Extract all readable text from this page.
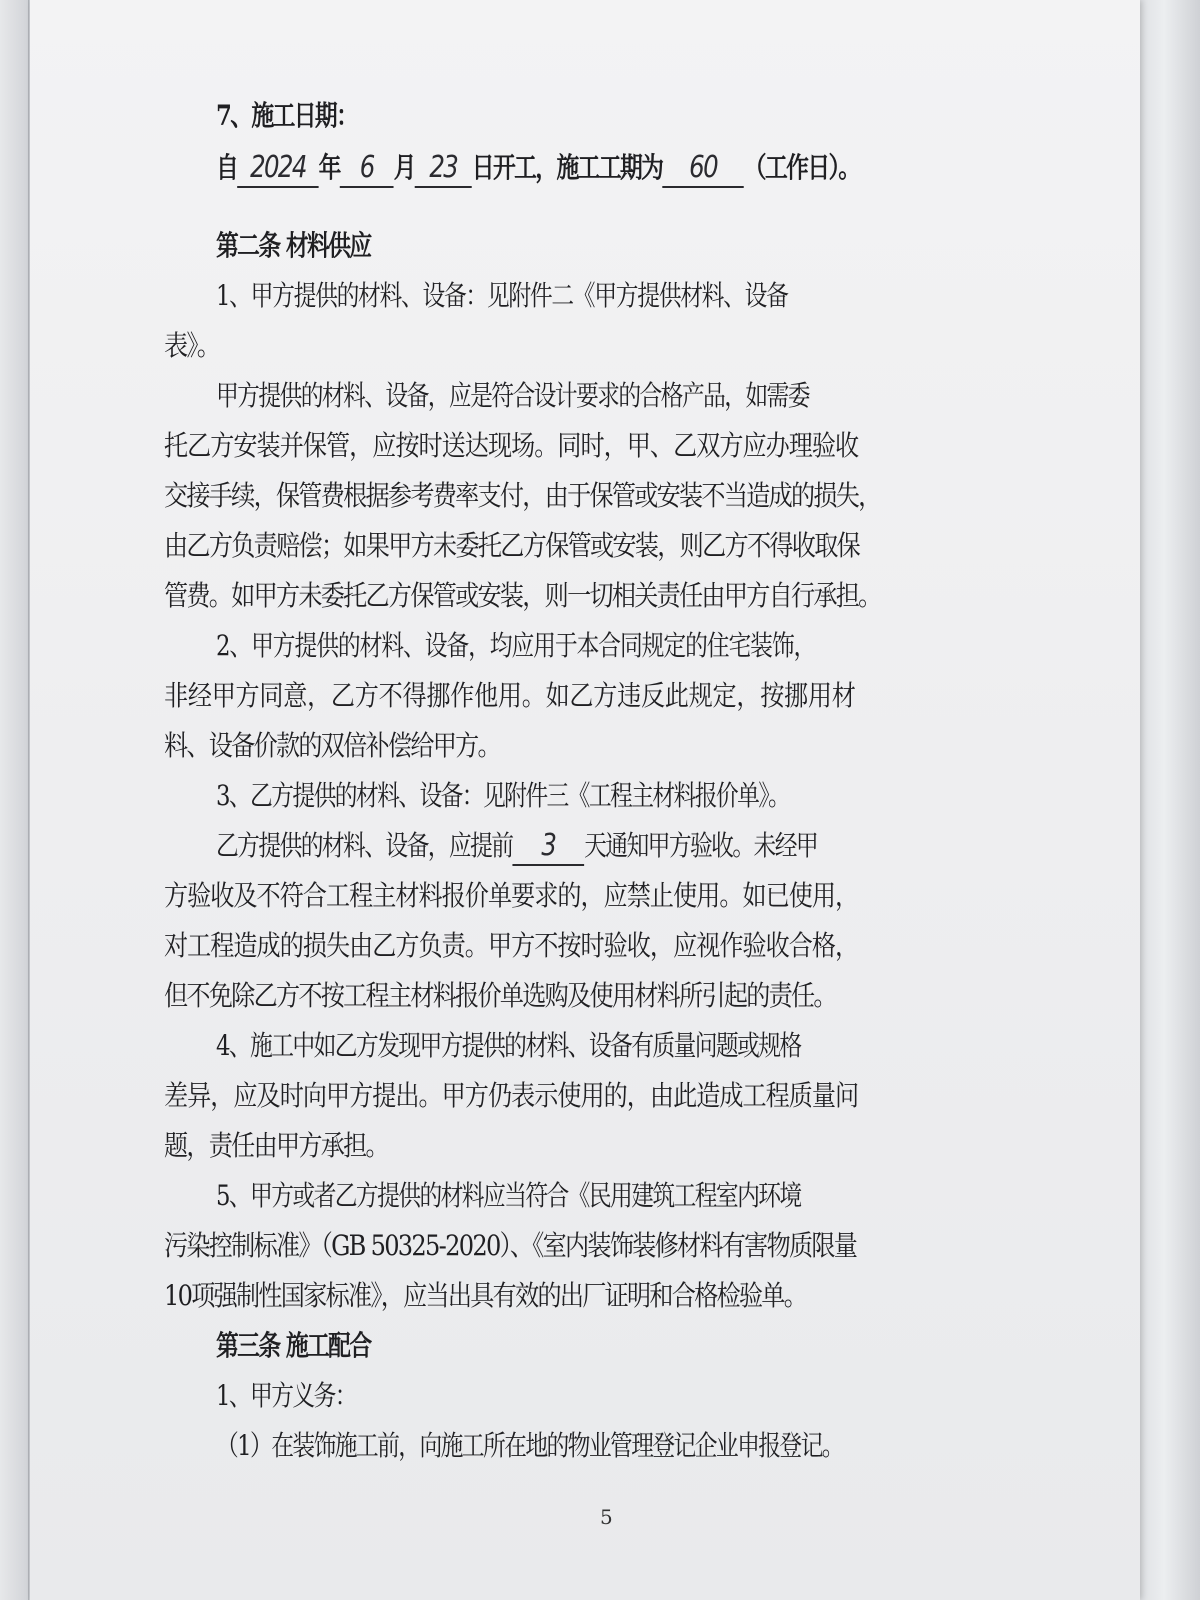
7、施工日期：
自 2024 年 6 月 23 日开工，施工工期为 60 （工作日）。
第二条 材料供应
1、甲方提供的材料、设备：见附件二《甲方提供材料、设备
表》。
甲方提供的材料、设备，应是符合设计要求的合格产品，如需委
托乙方安装并保管，应按时送达现场。同时，甲、乙双方应办理验收
交接手续，保管费根据参考费率支付，由于保管或安装不当造成的损失，
由乙方负责赔偿；如果甲方未委托乙方保管或安装，则乙方不得收取保
管费。如甲方未委托乙方保管或安装，则一切相关责任由甲方自行承担。
2、甲方提供的材料、设备，均应用于本合同规定的住宅装饰，
非经甲方同意，乙方不得挪作他用。如乙方违反此规定，按挪用材
料、设备价款的双倍补偿给甲方。
3、乙方提供的材料、设备：见附件三《工程主材料报价单》。
乙方提供的材料、设备，应提前 3 天通知甲方验收。未经甲
方验收及不符合工程主材料报价单要求的，应禁止使用。如已使用，
对工程造成的损失由乙方负责。甲方不按时验收，应视作验收合格，
但不免除乙方不按工程主材料报价单选购及使用材料所引起的责任。
4、施工中如乙方发现甲方提供的材料、设备有质量问题或规格
差异，应及时向甲方提出。甲方仍表示使用的，由此造成工程质量问
题，责任由甲方承担。
5、甲方或者乙方提供的材料应当符合《民用建筑工程室内环境
污染控制标准》（GB 50325-2020）、《室内装饰装修材料有害物质限量
10项强制性国家标准》，应当出具有效的出厂证明和合格检验单。
第三条 施工配合
1、甲方义务：
（1）在装饰施工前，向施工所在地的物业管理登记企业申报登记。
5
